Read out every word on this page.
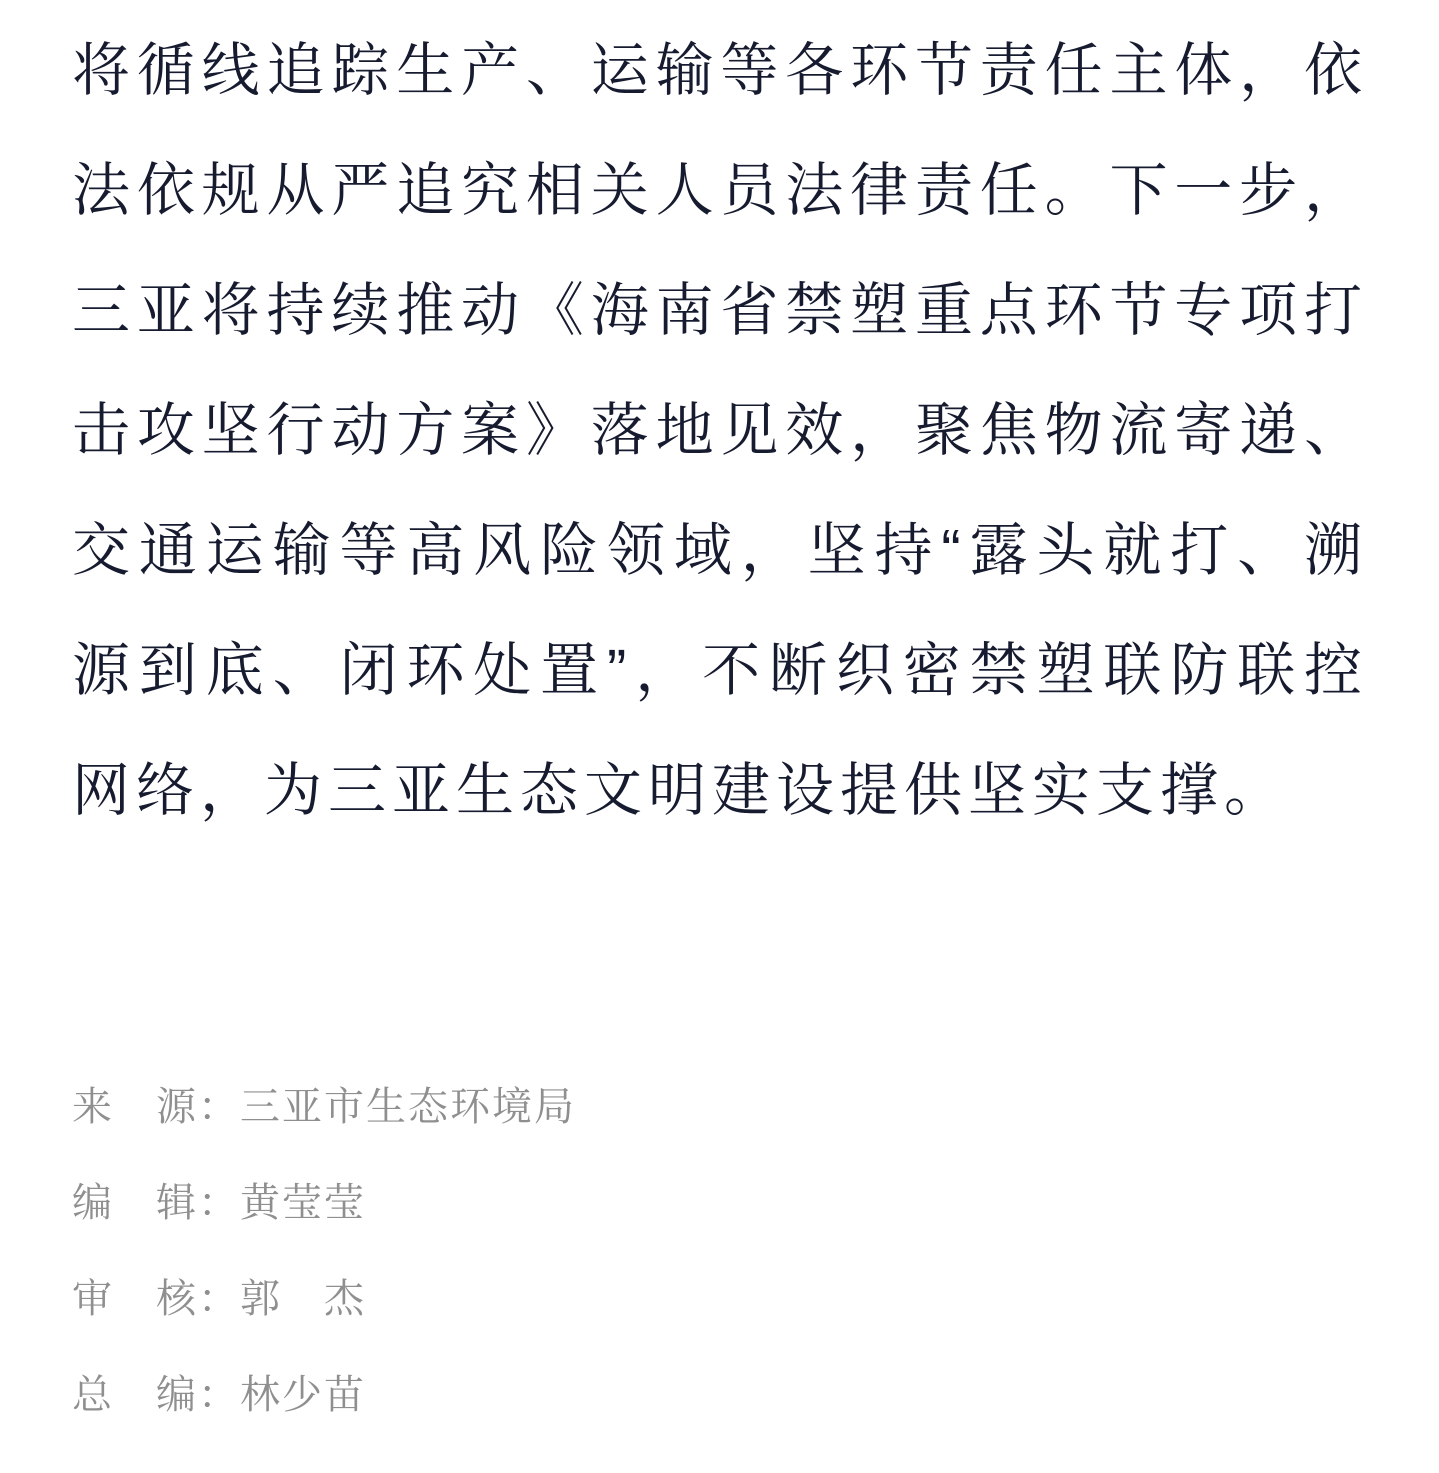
将循线追踪生产、运输等各环节责任主体，依
法依规从严追究相关人员法律责任。下一步，
三亚将持续推动《海南省禁塑重点环节专项打
击攻坚行动方案》落地见效，聚焦物流寄递、
交通运输等高风险领域，坚持“露头就打、溯
源到底、闭环处置”，不断织密禁塑联防联控
网络，为三亚生态文明建设提供坚实支撑。
来　源：三亚市生态环境局
编　辑：黄莹莹
审　核：郭　杰
总　编：林少苗
